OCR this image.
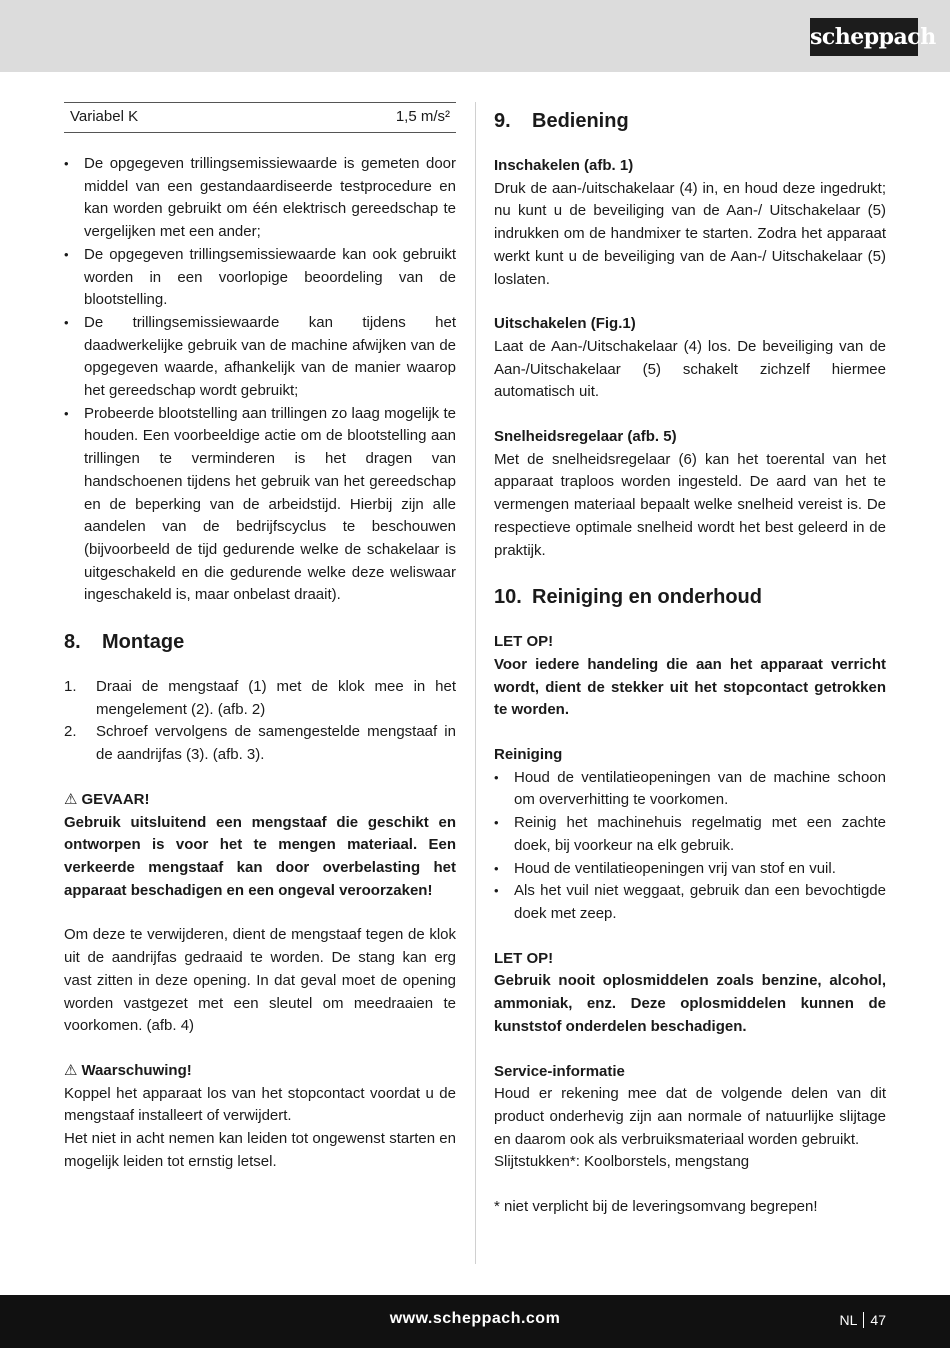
scheppach
Variabel K	1,5 m/s²
• De opgegeven trillingsemissiewaarde is gemeten door middel van een gestandaardiseerde testprocedure en kan worden gebruikt om één elektrisch gereedschap te vergelijken met een ander;
• De opgegeven trillingsemissiewaarde kan ook gebruikt worden in een voorlopige beoordeling van de blootstelling.
• De trillingsemissiewaarde kan tijdens het daadwerkelijke gebruik van de machine afwijken van de opgegeven waarde, afhankelijk van de manier waarop het gereedschap wordt gebruikt;
• Probeerde blootstelling aan trillingen zo laag mogelijk te houden. Een voorbeeldige actie om de blootstelling aan trillingen te verminderen is het dragen van handschoenen tijdens het gebruik van het gereedschap en de beperking van de arbeidstijd. Hierbij zijn alle aandelen van de bedrijfscyclus te beschouwen (bijvoorbeeld de tijd gedurende welke de schakelaar is uitgeschakeld en die gedurende welke deze weliswaar ingeschakeld is, maar onbelast draait).
8.	Montage
1. Draai de mengstaaf (1) met de klok mee in het mengelement (2). (afb. 2)
2. Schroef vervolgens de samengestelde mengstaaf in de aandrijfas (3). (afb. 3).
⚠ GEVAAR!

Gebruik uitsluitend een mengstaaf die geschikt en ontworpen is voor het te mengen materiaal. Een verkeerde mengstaaf kan door overbelasting het apparaat beschadigen en een ongeval veroorzaken!

Om deze te verwijderen, dient de mengstaaf tegen de klok uit de aandrijfas gedraaid te worden. De stang kan erg vast zitten in deze opening. In dat geval moet de opening worden vastgezet met een sleutel om meedraaien te voorkomen. (afb. 4)

⚠ Waarschuwing!

Koppel het apparaat los van het stopcontact voordat u de mengstaaf installeert of verwijdert.

Het niet in acht nemen kan leiden tot ongewenst starten en mogelijk leiden tot ernstig letsel.

9.	Bediening
Inschakelen (afb. 1)

Druk de aan-/uitschakelaar (4) in, en houd deze ingedrukt; nu kunt u de beveiliging van de Aan-/ Uitschakelaar (5) indrukken om de handmixer te starten. Zodra het apparaat werkt kunt u de beveiliging van de Aan-/ Uitschakelaar (5) loslaten.

Uitschakelen (Fig.1)

Laat de Aan-/Uitschakelaar (4) los. De beveiliging van de Aan-/Uitschakelaar (5) schakelt zichzelf hiermee automatisch uit.

Snelheidsregelaar (afb. 5)

Met de snelheidsregelaar (6) kan het toerental van het apparaat traploos worden ingesteld. De aard van het te vermengen materiaal bepaalt welke snelheid vereist is. De respectieve optimale snelheid wordt het best geleerd in de praktijk.

10. Reiniging en onderhoud
LET OP!

Voor iedere handeling die aan het apparaat verricht wordt, dient de stekker uit het stopcontact getrokken te worden.

Reiniging
• Houd de ventilatieopeningen van de machine schoon om oververhitting te voorkomen.
• Reinig het machinehuis regelmatig met een zachte doek, bij voorkeur na elk gebruik.
• Houd de ventilatieopeningen vrij van stof en vuil.
• Als het vuil niet weggaat, gebruik dan een bevochtigde doek met zeep.
LET OP!

Gebruik nooit oplosmiddelen zoals benzine, alcohol, ammoniak, enz. Deze oplosmiddelen kunnen de kunststof onderdelen beschadigen.

Service-informatie

Houd er rekening mee dat de volgende delen van dit product onderhevig zijn aan normale of natuurlijke slijtage en daarom ook als verbruiksmateriaal worden gebruikt.

Slijtstukken*: Koolborstels, mengstang

* niet verplicht bij de leveringsomvang begrepen!

www.scheppach.com	NL 47
